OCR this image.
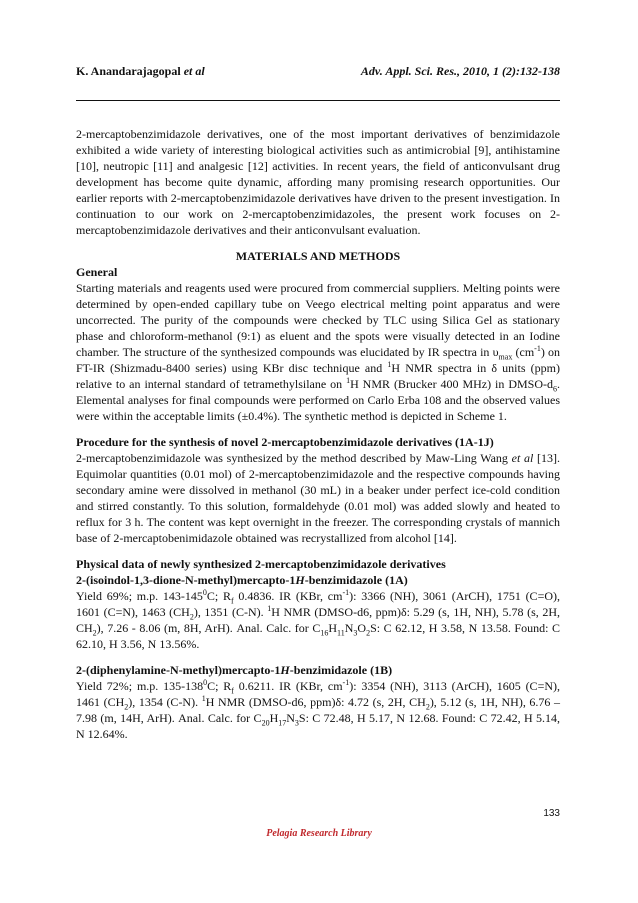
K. Anandarajagopal et al	Adv. Appl. Sci. Res., 2010, 1 (2):132-138

2-mercaptobenzimidazole derivatives, one of the most important derivatives of benzimidazole exhibited a wide variety of interesting biological activities such as antimicrobial [9], antihistamine [10], neutropic [11] and analgesic [12] activities. In recent years, the field of anticonvulsant drug development has become quite dynamic, affording many promising research opportunities. Our earlier reports with 2-mercaptobenzimidazole derivatives have driven to the present investigation. In continuation to our work on 2-mercaptobenzimidazoles, the present work focuses on 2-mercaptobenzimidazole derivatives and their anticonvulsant evaluation.

MATERIALS AND METHODS

General

Starting materials and reagents used were procured from commercial suppliers. Melting points were determined by open-ended capillary tube on Veego electrical melting point apparatus and were uncorrected. The purity of the compounds were checked by TLC using Silica Gel as stationary phase and chloroform-methanol (9:1) as eluent and the spots were visually detected in an Iodine chamber. The structure of the synthesized compounds was elucidated by IR spectra in $\upsilon_{max}$ $(cm^{-1})$ on FT-IR (Shizmadu-8400 series) using KBr disc technique and $^1$H NMR spectra in δ units (ppm) relative to an internal standard of tetramethylsilane on $^1$H NMR (Brucker 400 MHz) in DMSO-$d_6$. Elemental analyses for final compounds were performed on Carlo Erba 108 and the observed values were within the acceptable limits (±0.4%). The synthetic method is depicted in Scheme 1.

Procedure for the synthesis of novel 2-mercaptobenzimidazole derivatives (1A-1J)

2-mercaptobenzimidazole was synthesized by the method described by Maw-Ling Wang et al [13]. Equimolar quantities (0.01 mol) of 2-mercaptobenzimidazole and the respective compounds having secondary amine were dissolved in methanol (30 mL) in a beaker under perfect ice-cold condition and stirred constantly. To this solution, formaldehyde (0.01 mol) was added slowly and heated to reflux for 3 h. The content was kept overnight in the freezer. The corresponding crystals of mannich base of 2-mercaptobenimidazole obtained was recrystallized from alcohol [14].

Physical data of newly synthesized 2-mercaptobenzimidazole derivatives

2-(isoindol-1,3-dione-N-methyl)mercapto-1H-benzimidazole (1A)

Yield 69%; m.p. $143-145^0C$; $R_f$ 0.4836. IR (KBr, $cm^{-1}$): 3366 (NH), 3061 (ArCH), 1751 (C=O), 1601 (C=N), 1463 $(CH_2)$, 1351 (C-N). $^1$H NMR (DMSO-d6, ppm)δ: 5.29 (s, 1H, NH), 5.78 (s, 2H, $CH_2$), 7.26 - 8.06 (m, 8H, ArH). Anal. Calc. for $C_{16}H_{11}N_3O_2S$: C 62.12, H 3.58, N 13.58. Found: C 62.10, H 3.56, N 13.56%.

2-(diphenylamine-N-methyl)mercapto-1H-benzimidazole (1B)

Yield 72%; m.p. $135-138^0C$; $R_f$ 0.6211. IR (KBr, $cm^{-1}$): 3354 (NH), 3113 (ArCH), 1605 (C=N), 1461 $(CH_2)$, 1354 (C-N). $^1$H NMR (DMSO-d6, ppm)δ: 4.72 (s, 2H, $CH_2$), 5.12 (s, 1H, NH), 6.76 – 7.98 (m, 14H, ArH). Anal. Calc. for $C_{20}H_{17}N_3S$: C 72.48, H 5.17, N 12.68. Found: C 72.42, H 5.14, N 12.64%.

133
Pelagia Research Library
